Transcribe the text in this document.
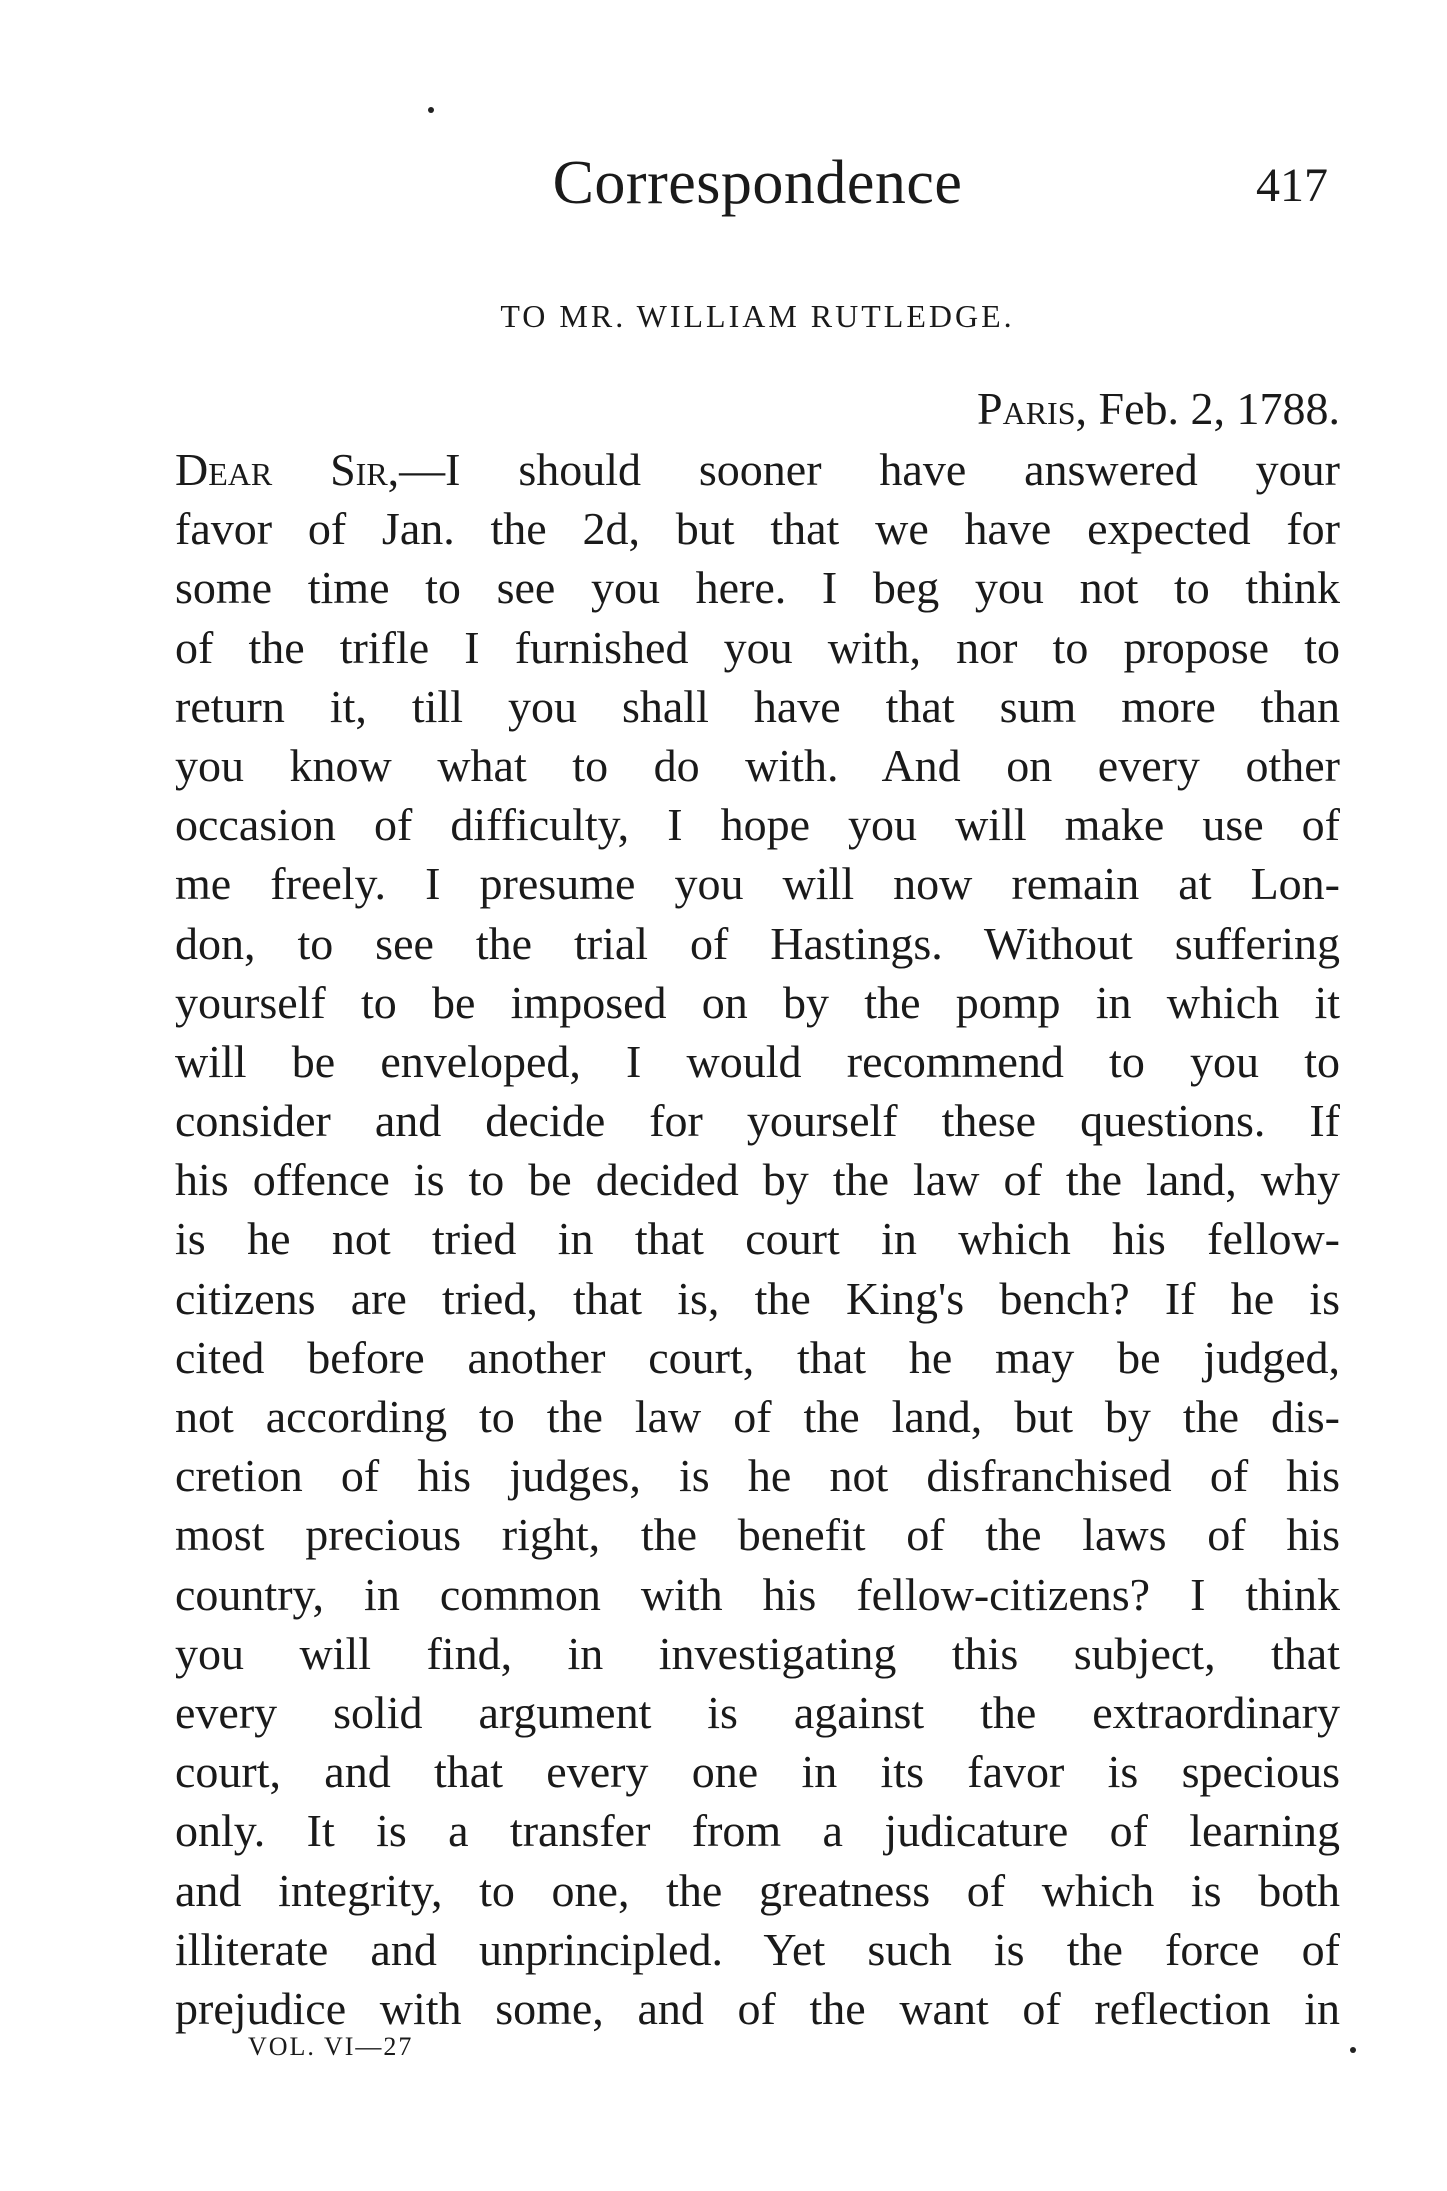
Correspondence	417
TO MR. WILLIAM RUTLEDGE.
Paris, Feb. 2, 1788.
Dear Sir,—I should sooner have answered your
favor of Jan. the 2d, but that we have expected for
some time to see you here. I beg you not to think
of the trifle I furnished you with, nor to propose to
return it, till you shall have that sum more than
you know what to do with. And on every other
occasion of difficulty, I hope you will make use of
me freely. I presume you will now remain at Lon-
don, to see the trial of Hastings. Without suffering
yourself to be imposed on by the pomp in which it
will be enveloped, I would recommend to you to
consider and decide for yourself these questions. If
his offence is to be decided by the law of the land, why
is he not tried in that court in which his fellow-
citizens are tried, that is, the King's bench? If he is
cited before another court, that he may be judged,
not according to the law of the land, but by the dis-
cretion of his judges, is he not disfranchised of his
most precious right, the benefit of the laws of his
country, in common with his fellow-citizens? I think
you will find, in investigating this subject, that
every solid argument is against the extraordinary
court, and that every one in its favor is specious
only. It is a transfer from a judicature of learning
and integrity, to one, the greatness of which is both
illiterate and unprincipled. Yet such is the force of
prejudice with some, and of the want of reflection in
VOL. VI—27
